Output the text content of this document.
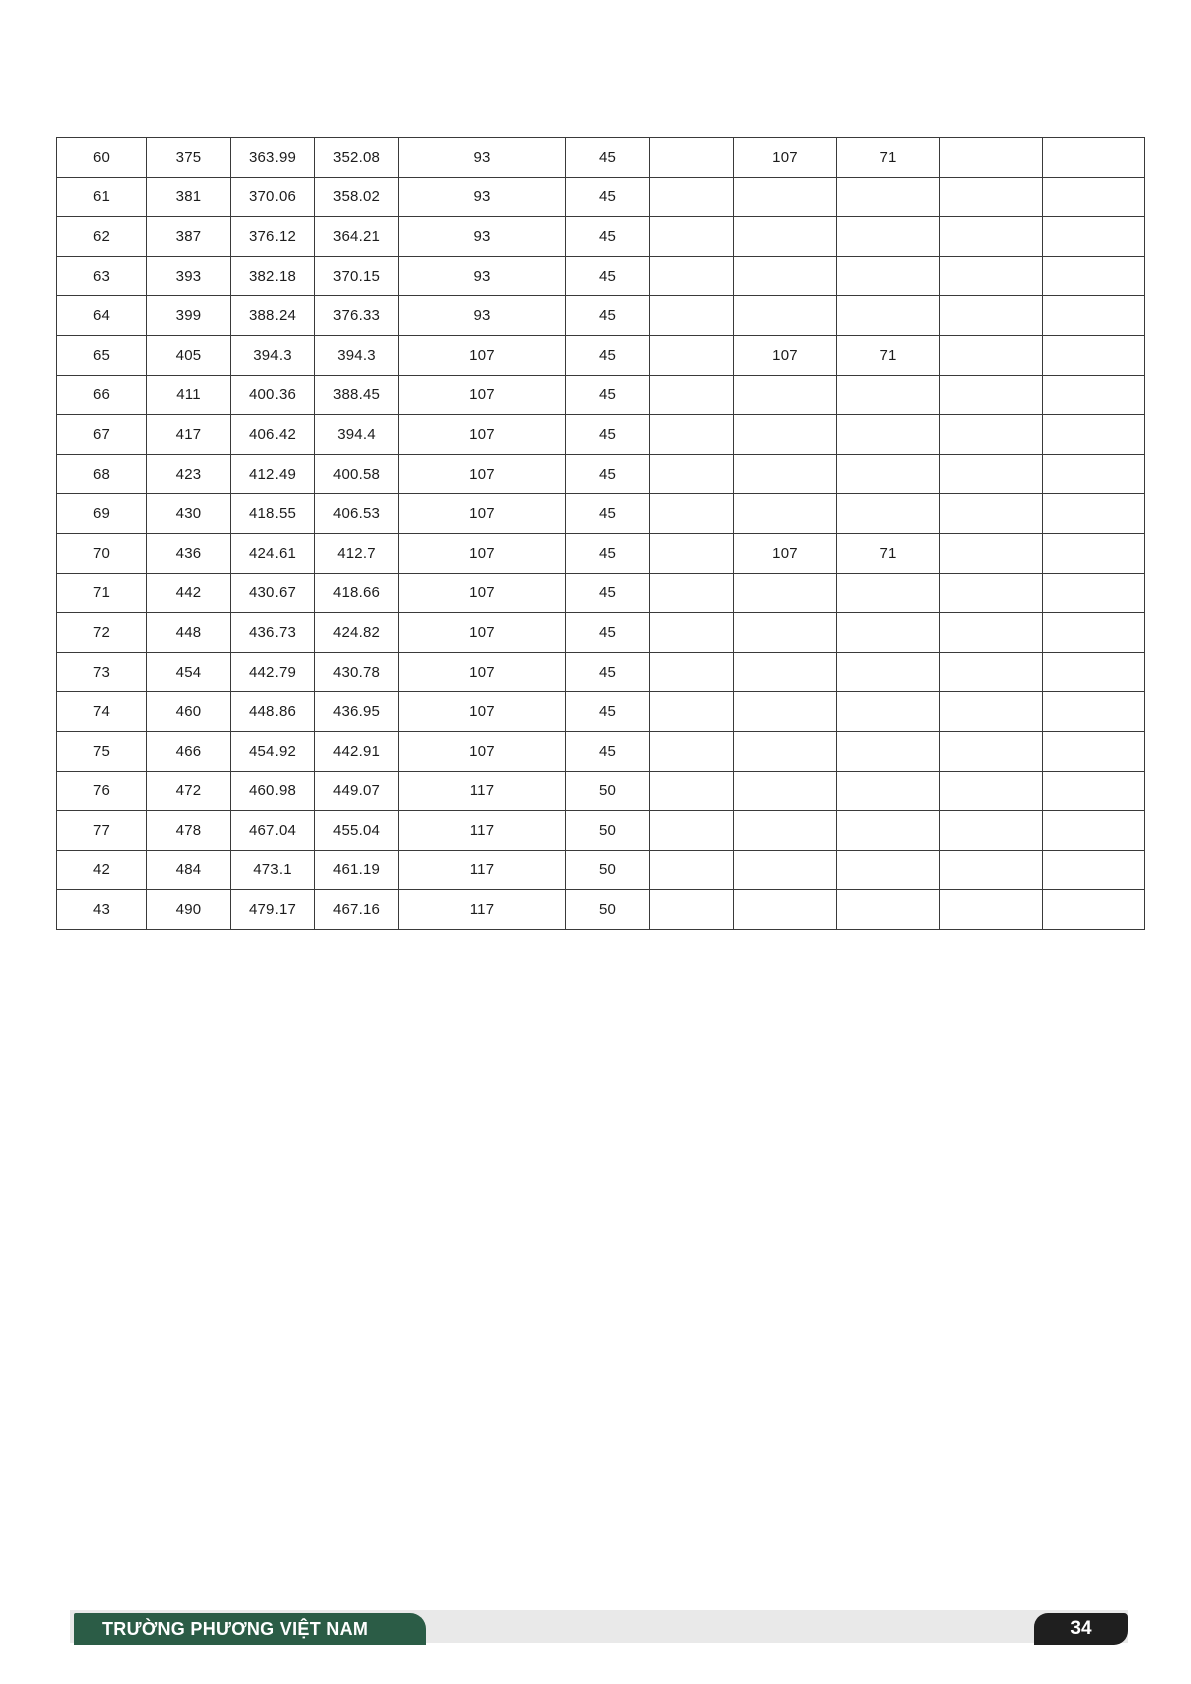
60	375	363.99	352.08	93	45		107	71		
61	381	370.06	358.02	93	45					
62	387	376.12	364.21	93	45					
63	393	382.18	370.15	93	45					
64	399	388.24	376.33	93	45					
65	405	394.3	394.3	107	45		107	71		
66	411	400.36	388.45	107	45					
67	417	406.42	394.4	107	45					
68	423	412.49	400.58	107	45					
69	430	418.55	406.53	107	45					
70	436	424.61	412.7	107	45		107	71		
71	442	430.67	418.66	107	45					
72	448	436.73	424.82	107	45					
73	454	442.79	430.78	107	45					
74	460	448.86	436.95	107	45					
75	466	454.92	442.91	107	45					
76	472	460.98	449.07	117	50					
77	478	467.04	455.04	117	50					
42	484	473.1	461.19	117	50					
43	490	479.17	467.16	117	50					
TRƯỜNG PHƯƠNG VIỆT NAM	34
